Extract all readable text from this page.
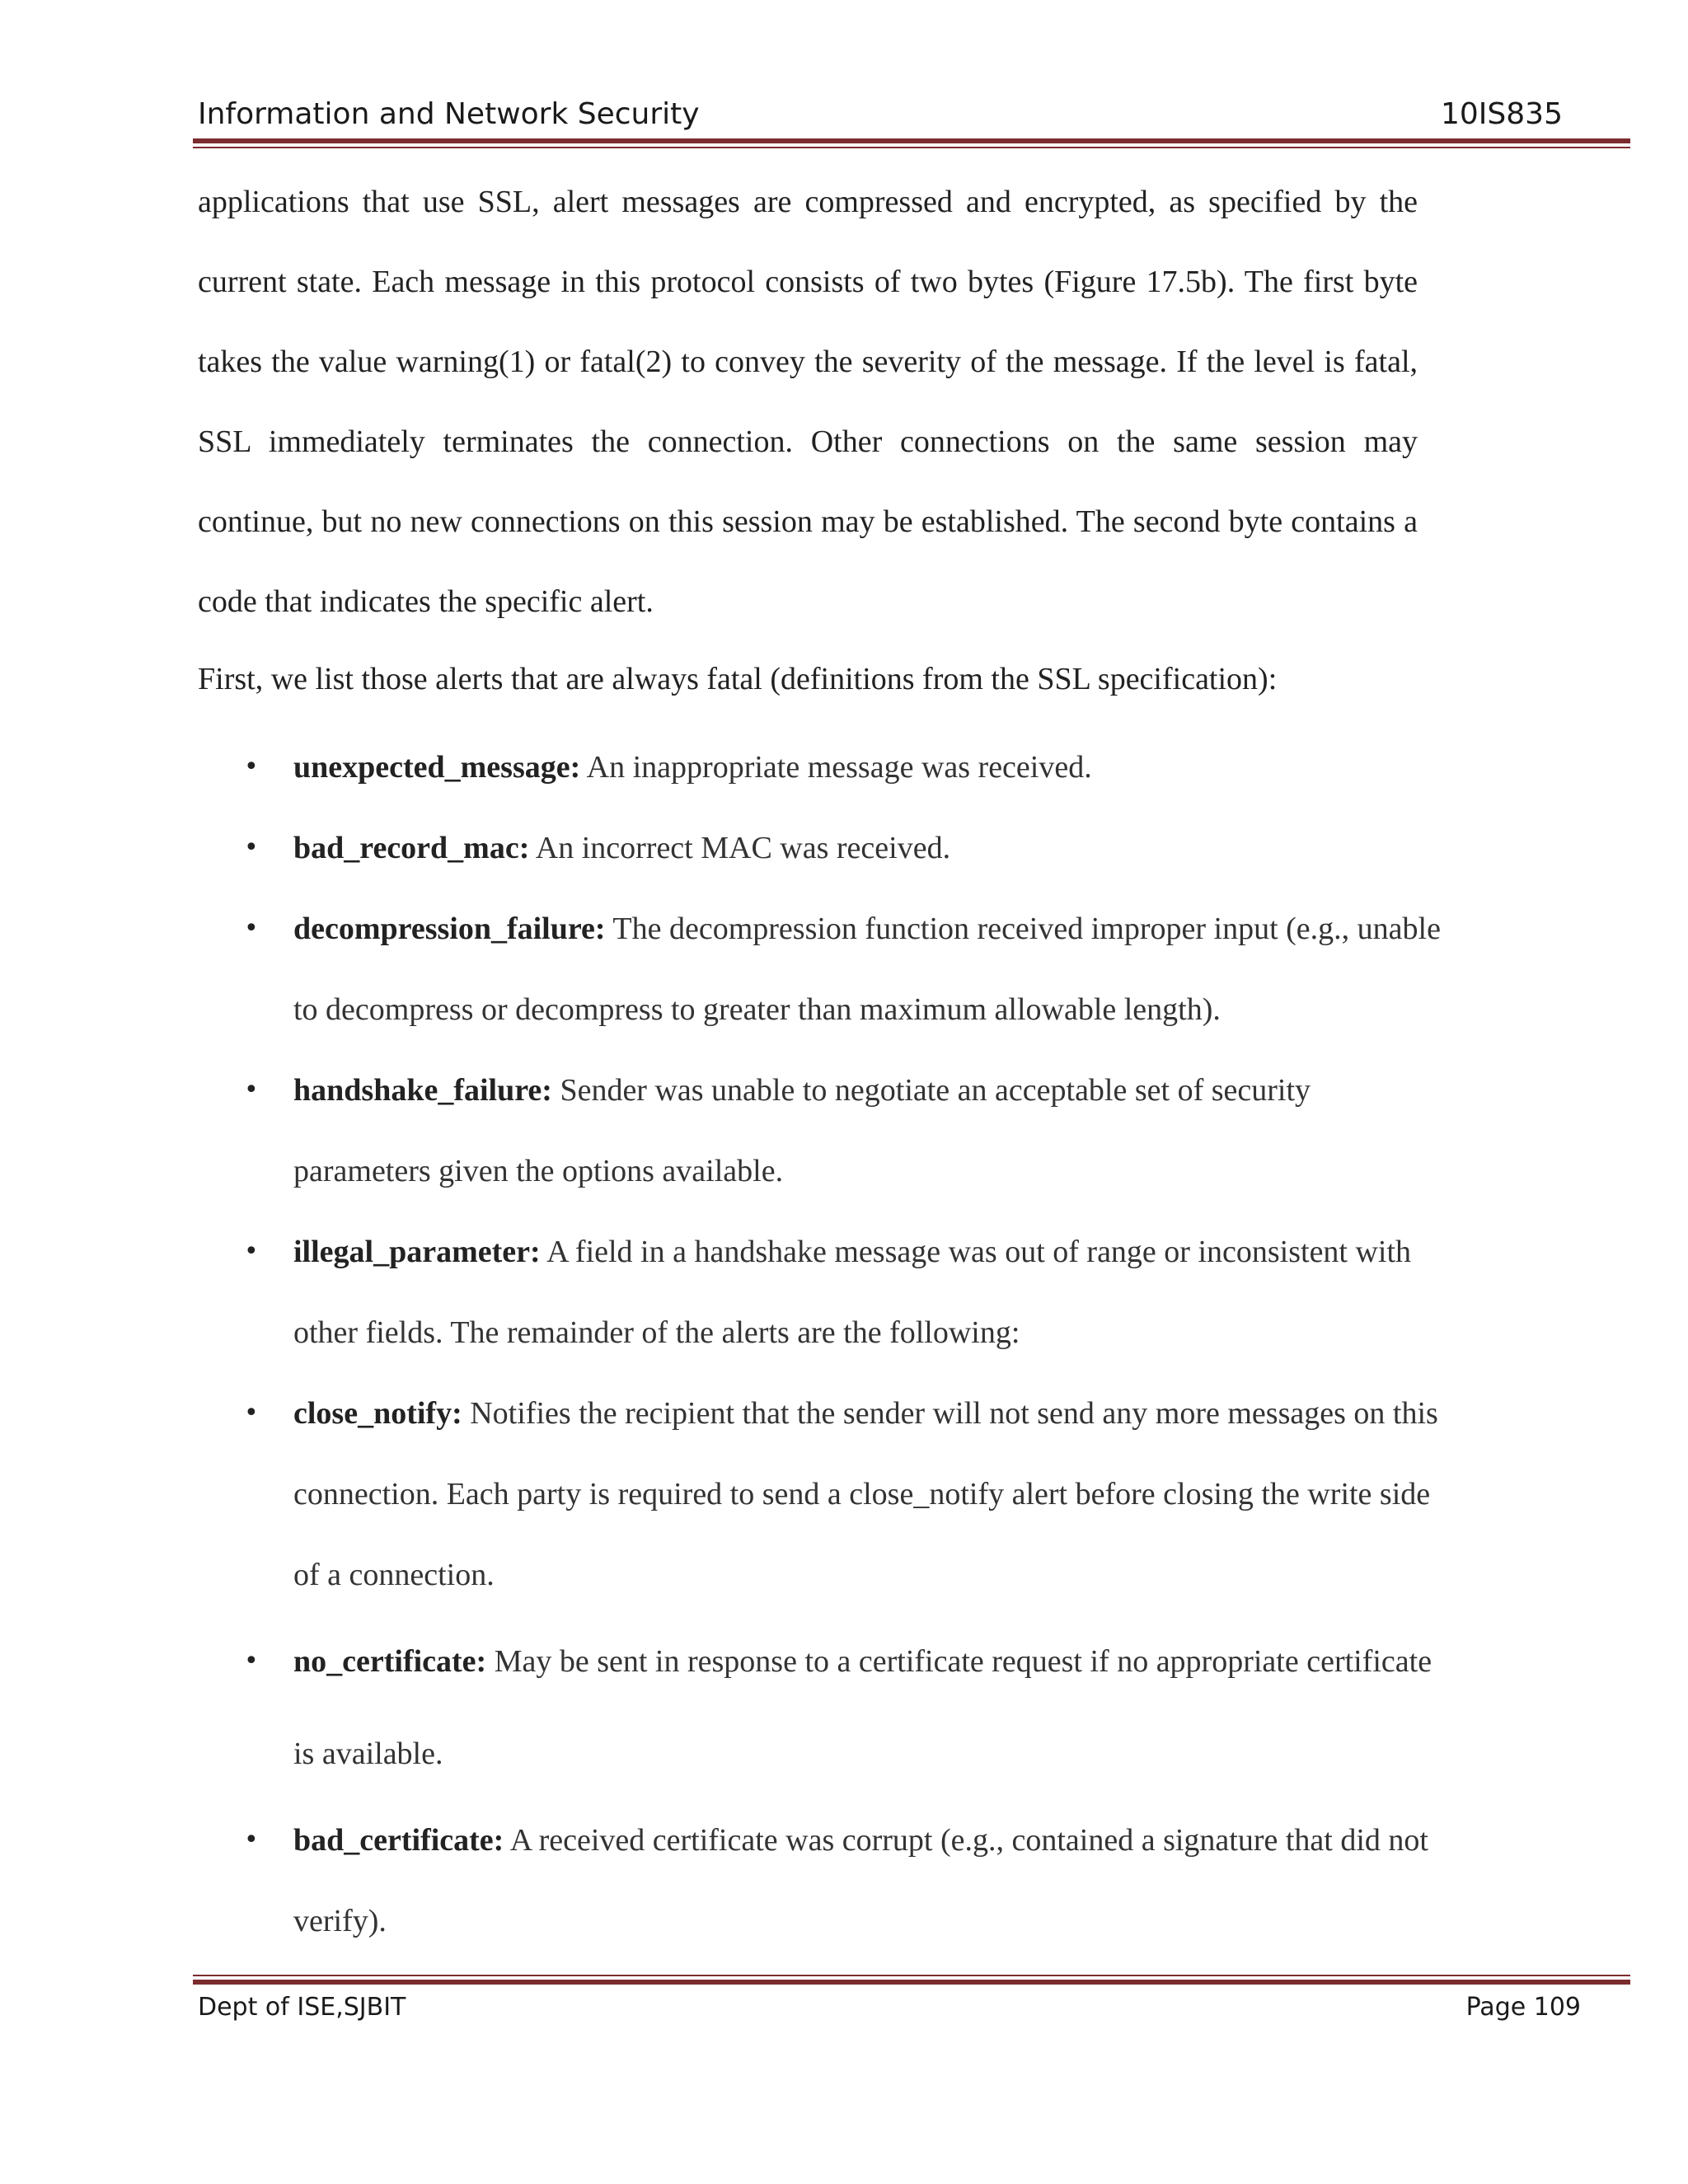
Information and Network Security	10IS835

applications that use SSL, alert messages are compressed and encrypted, as specified by the current state. Each message in this protocol consists of two bytes (Figure 17.5b). The first byte takes the value warning(1) or fatal(2) to convey the severity of the message. If the level is fatal, SSL immediately terminates the connection. Other connections on the same session may continue, but no new connections on this session may be established. The second byte contains a code that indicates the specific alert.

First, we list those alerts that are always fatal (definitions from the SSL specification):
• unexpected_message: An inappropriate message was received.
• bad_record_mac: An incorrect MAC was received.
• decompression_failure: The decompression function received improper input (e.g., unable to decompress or decompress to greater than maximum allowable length).
• handshake_failure: Sender was unable to negotiate an acceptable set of security parameters given the options available.
• illegal_parameter: A field in a handshake message was out of range or inconsistent with other fields. The remainder of the alerts are the following:
• close_notify: Notifies the recipient that the sender will not send any more messages on this connection. Each party is required to send a close_notify alert before closing the write side of a connection.
• no_certificate: May be sent in response to a certificate request if no appropriate certificate is available.
• bad_certificate: A received certificate was corrupt (e.g., contained a signature that did not verify).
Dept of ISE,SJBIT	Page 109
